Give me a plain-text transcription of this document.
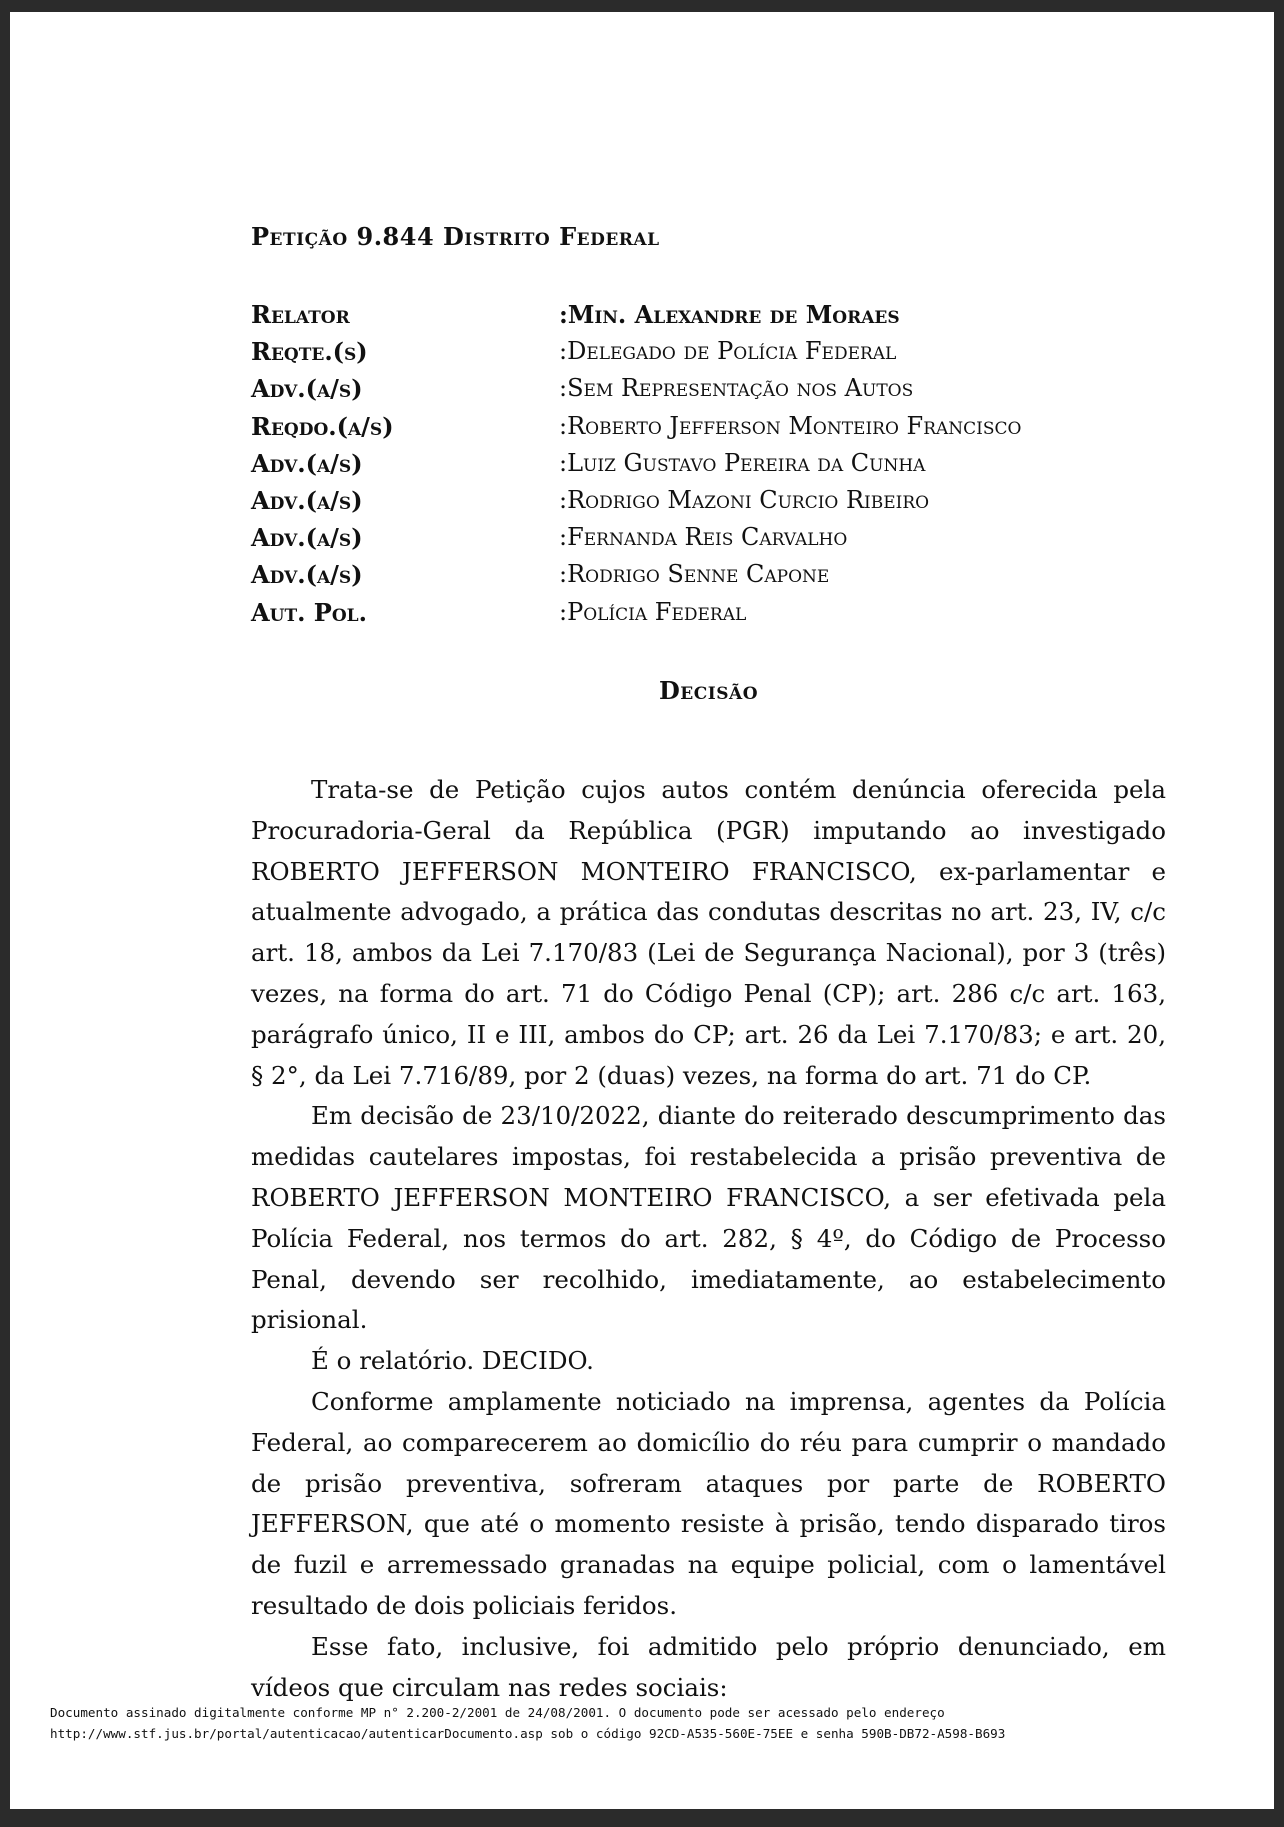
Petição 9.844 Distrito Federal
Relator	:Min. Alexandre de Moraes
Reqte.(s)	:Delegado de Polícia Federal
Adv.(a/s)	:Sem Representação nos Autos
Reqdo.(a/s)	:Roberto Jefferson Monteiro Francisco
Adv.(a/s)	:Luiz Gustavo Pereira da Cunha
Adv.(a/s)	:Rodrigo Mazoni Curcio Ribeiro
Adv.(a/s)	:Fernanda Reis Carvalho
Adv.(a/s)	:Rodrigo Senne Capone
Aut. Pol.	:Polícia Federal
Decisão

Trata-se de Petição cujos autos contém denúncia oferecida pela Procuradoria-Geral da República (PGR) imputando ao investigado ROBERTO JEFFERSON MONTEIRO FRANCISCO, ex-parlamentar e atualmente advogado, a prática das condutas descritas no art. 23, IV, c/c art. 18, ambos da Lei 7.170/83 (Lei de Segurança Nacional), por 3 (três) vezes, na forma do art. 71 do Código Penal (CP); art. 286 c/c art. 163, parágrafo único, II e III, ambos do CP; art. 26 da Lei 7.170/83; e art. 20, § 2°, da Lei 7.716/89, por 2 (duas) vezes, na forma do art. 71 do CP.

Em decisão de 23/10/2022, diante do reiterado descumprimento das medidas cautelares impostas, foi restabelecida a prisão preventiva de ROBERTO JEFFERSON MONTEIRO FRANCISCO, a ser efetivada pela Polícia Federal, nos termos do art. 282, § 4º, do Código de Processo Penal, devendo ser recolhido, imediatamente, ao estabelecimento prisional.

É o relatório. DECIDO.

Conforme amplamente noticiado na imprensa, agentes da Polícia Federal, ao comparecerem ao domicílio do réu para cumprir o mandado de prisão preventiva, sofreram ataques por parte de ROBERTO JEFFERSON, que até o momento resiste à prisão, tendo disparado tiros de fuzil e arremessado granadas na equipe policial, com o lamentável resultado de dois policiais feridos.

Esse fato, inclusive, foi admitido pelo próprio denunciado, em vídeos que circulam nas redes sociais:

Documento assinado digitalmente conforme MP n° 2.200-2/2001 de 24/08/2001. O documento pode ser acessado pelo endereço
http://www.stf.jus.br/portal/autenticacao/autenticarDocumento.asp sob o código 92CD-A535-560E-75EE e senha 590B-DB72-A598-B693
